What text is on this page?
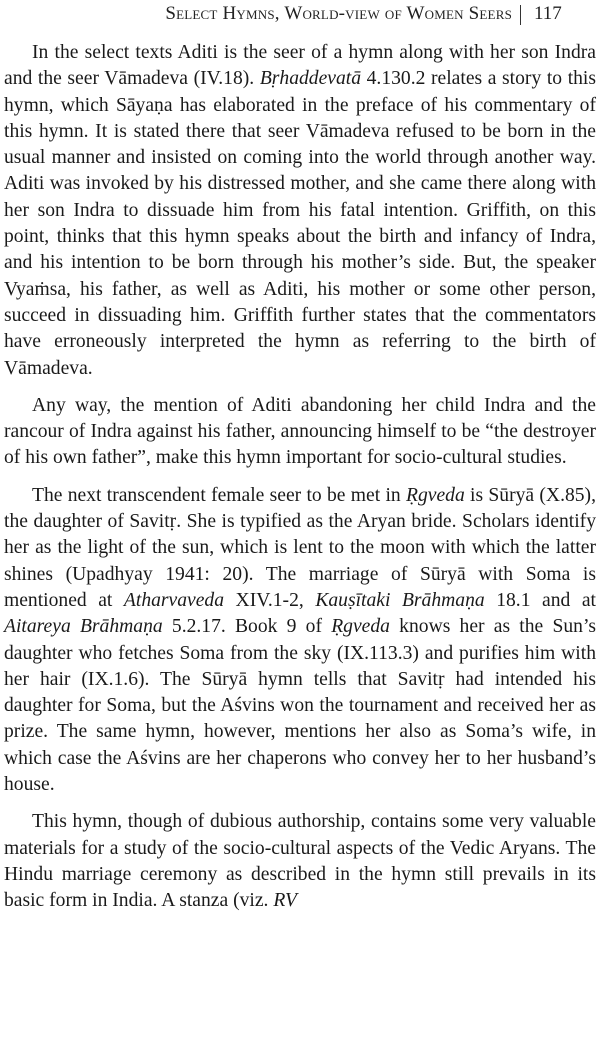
Select Hymns, World-view of Women Seers 117

In the select texts Aditi is the seer of a hymn along with her son Indra and the seer Vāmadeva (IV.18). Bṛhaddevatā 4.130.2 relates a story to this hymn, which Sāyaṇa has elaborated in the preface of his commentary of this hymn. It is stated there that seer Vāmadeva refused to be born in the usual manner and insisted on coming into the world through another way. Aditi was invoked by his distressed mother, and she came there along with her son Indra to dissuade him from his fatal intention. Griffith, on this point, thinks that this hymn speaks about the birth and infancy of Indra, and his intention to be born through his mother’s side. But, the speaker Vyaṁsa, his father, as well as Aditi, his mother or some other person, succeed in dissuading him. Griffith further states that the commentators have erroneously interpreted the hymn as referring to the birth of Vāmadeva.

Any way, the mention of Aditi abandoning her child Indra and the rancour of Indra against his father, announcing himself to be “the destroyer of his own father”, make this hymn important for socio-cultural studies.

The next transcendent female seer to be met in Ṛgveda is Sūryā (X.85), the daughter of Savitṛ. She is typified as the Aryan bride. Scholars identify her as the light of the sun, which is lent to the moon with which the latter shines (Upadhyay 1941: 20). The marriage of Sūryā with Soma is mentioned at Atharvaveda XIV.1-2, Kauṣītaki Brāhmaṇa 18.1 and at Aitareya Brāhmaṇa 5.2.17. Book 9 of Ṛgveda knows her as the Sun’s daughter who fetches Soma from the sky (IX.113.3) and purifies him with her hair (IX.1.6). The Sūryā hymn tells that Savitṛ had intended his daughter for Soma, but the Aśvins won the tournament and received her as prize. The same hymn, however, mentions her also as Soma’s wife, in which case the Aśvins are her chaperons who convey her to her husband’s house.

This hymn, though of dubious authorship, contains some very valuable materials for a study of the socio-cultural aspects of the Vedic Aryans. The Hindu marriage ceremony as described in the hymn still prevails in its basic form in India. A stanza (viz. RV
